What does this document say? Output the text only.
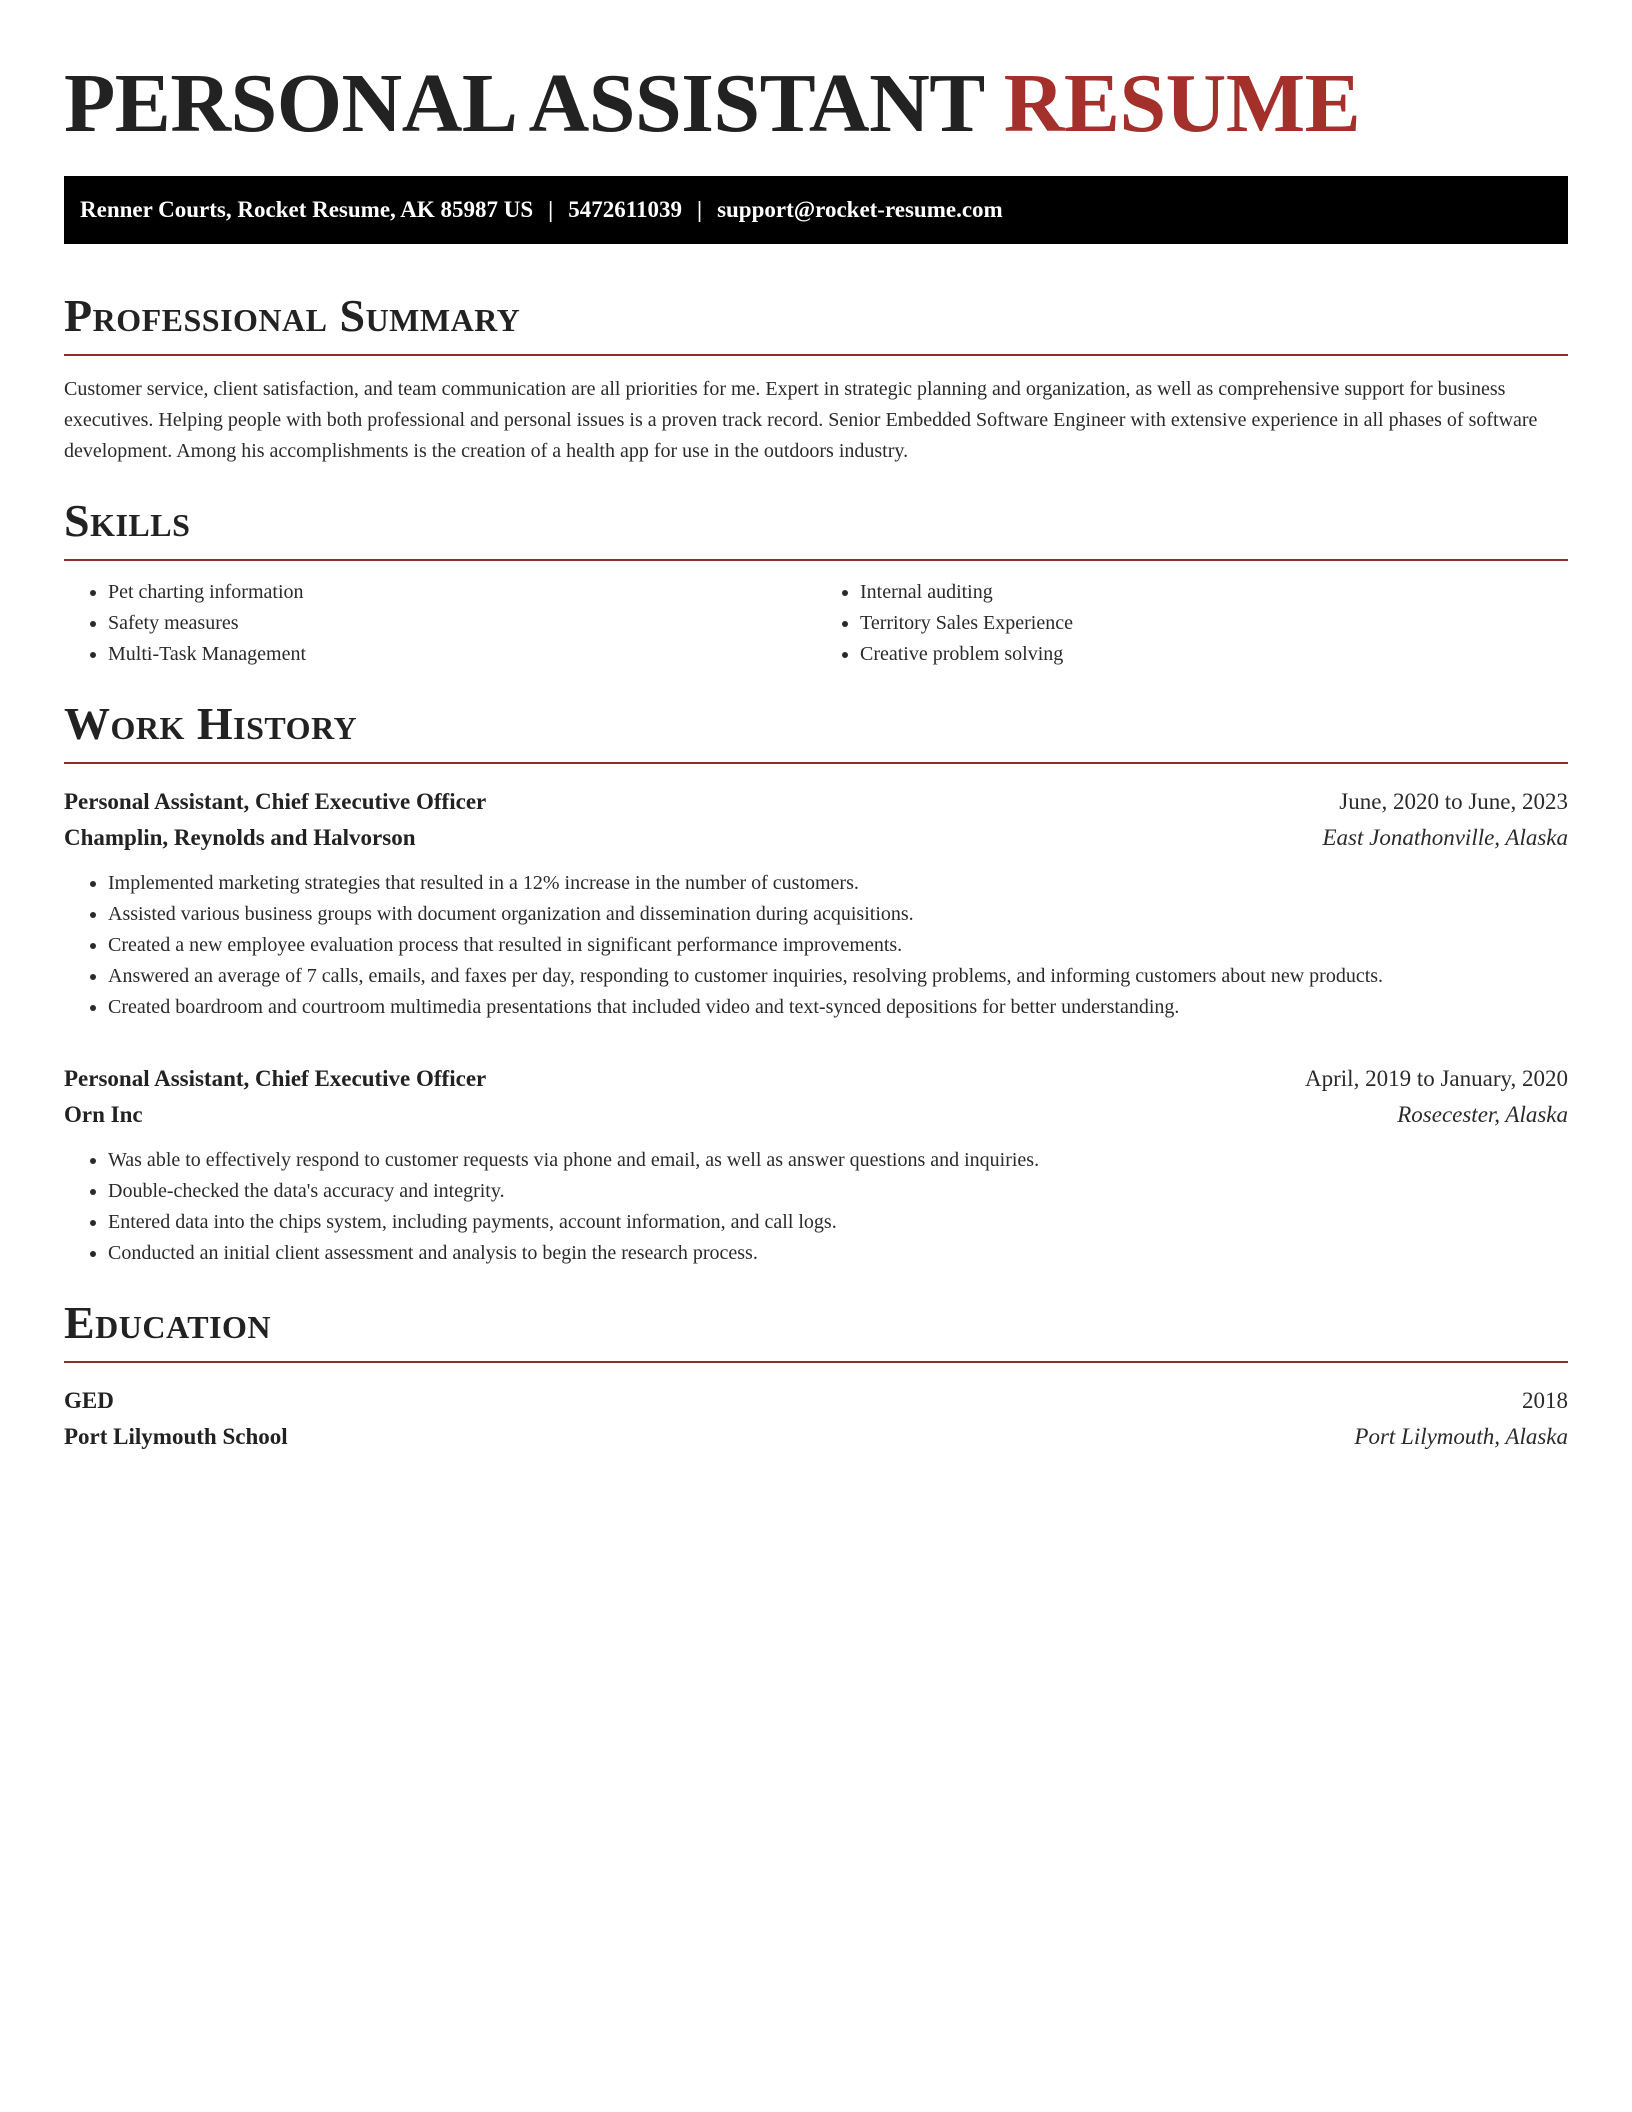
PERSONAL ASSISTANT RESUME
Renner Courts, Rocket Resume, AK 85987 US | 5472611039 | support@rocket-resume.com
Professional Summary

Customer service, client satisfaction, and team communication are all priorities for me. Expert in strategic planning and organization, as well as comprehensive support for business executives. Helping people with both professional and personal issues is a proven track record. Senior Embedded Software Engineer with extensive experience in all phases of software development. Among his accomplishments is the creation of a health app for use in the outdoors industry.

Skills
• Pet charting information
• Safety measures
• Multi-Task Management
• Internal auditing
• Territory Sales Experience
• Creative problem solving
Work History
Personal Assistant, Chief Executive Officer	June, 2020 to June, 2023
Champlin, Reynolds and Halvorson	East Jonathonville, Alaska
• Implemented marketing strategies that resulted in a 12% increase in the number of customers.
• Assisted various business groups with document organization and dissemination during acquisitions.
• Created a new employee evaluation process that resulted in significant performance improvements.
• Answered an average of 7 calls, emails, and faxes per day, responding to customer inquiries, resolving problems, and informing customers about new products.
• Created boardroom and courtroom multimedia presentations that included video and text-synced depositions for better understanding.
Personal Assistant, Chief Executive Officer	April, 2019 to January, 2020
Orn Inc	Rosecester, Alaska
• Was able to effectively respond to customer requests via phone and email, as well as answer questions and inquiries.
• Double-checked the data's accuracy and integrity.
• Entered data into the chips system, including payments, account information, and call logs.
• Conducted an initial client assessment and analysis to begin the research process.
Education
GED	2018
Port Lilymouth School	Port Lilymouth, Alaska
